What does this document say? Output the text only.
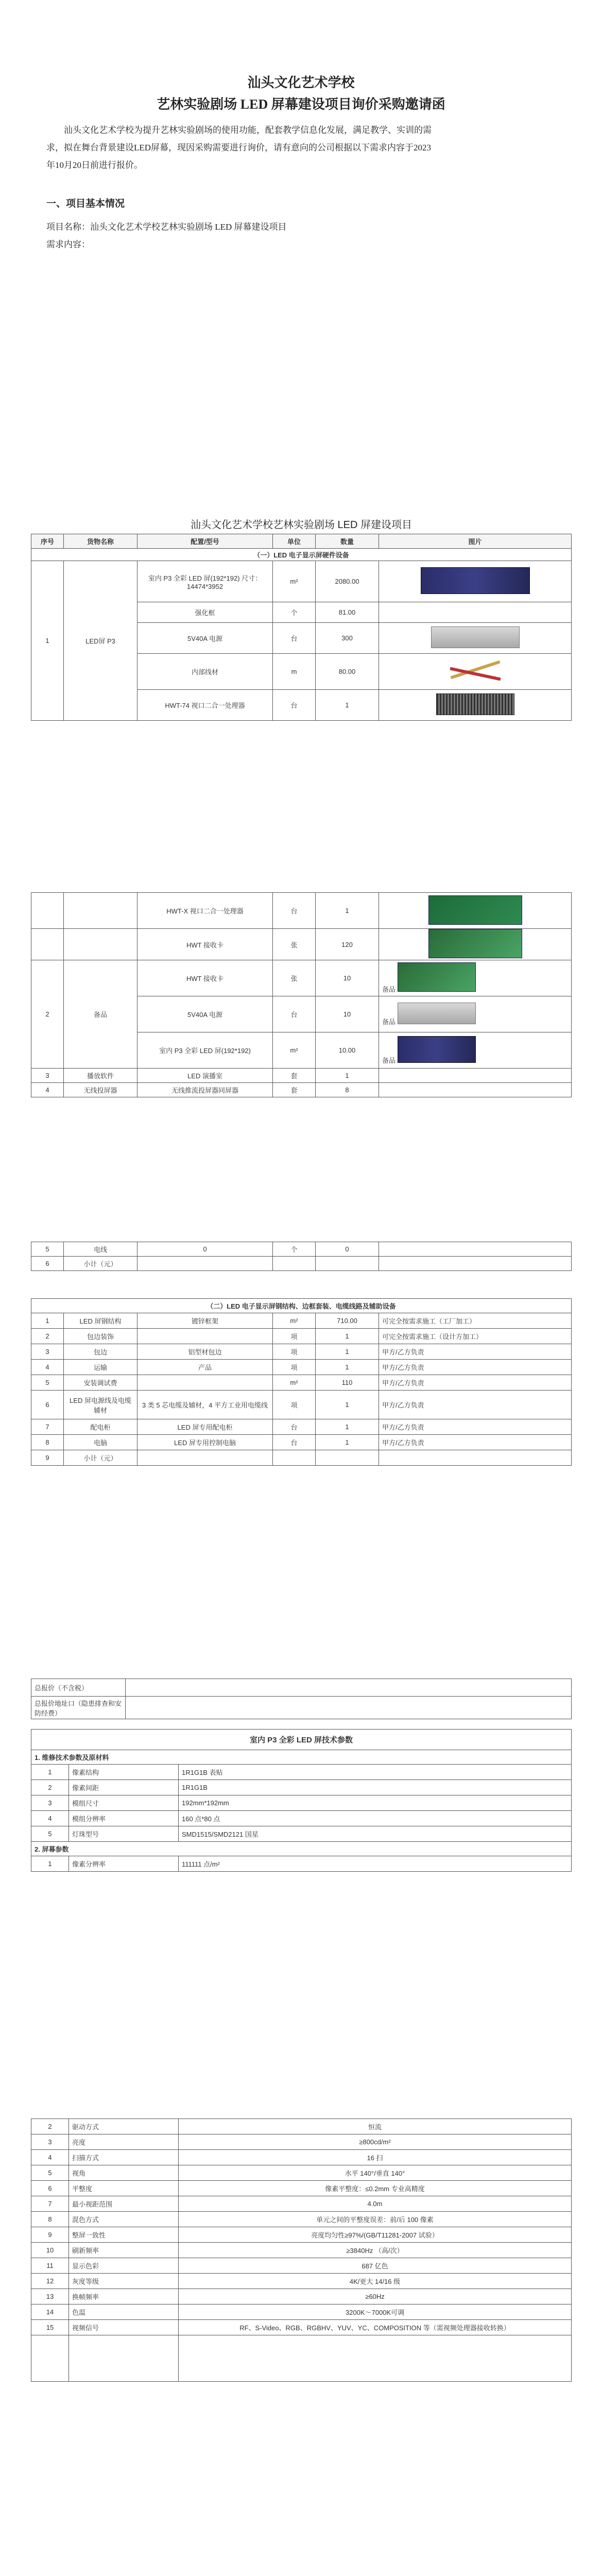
汕头文化艺术学校
艺林实验剧场 LED 屏幕建设项目询价采购邀请函
汕头文化艺术学校为提升艺林实验剧场的使用功能，配套教学信息化发展，满足教学、实训的需
求，拟在舞台背景建设LED屏幕，现因采购需要进行询价，请有意向的公司根据以下需求内容于2023
年10月20日前进行报价。
一、项目基本情况
项目名称：汕头文化艺术学校艺林实验剧场 LED 屏幕建设项目
需求内容：
汕头文化艺术学校艺林实验剧场 LED 屏建设项目
序号	货物名称	配置/型号	单位	数量	图片
（一）LED 电子显示屏硬件设备					
1	LED屏 P3	室内 P3 全彩 LED 屏(192*192) 尺寸：14474*3952	m²	2080.00	
		强化框	个	81.00	
		5V40A 电源	台	300	
		内部线材	m	80.00	
		HWT-74 视口二合一处理器	台	1	
		HWT-X 视口二合一处理器	台	1	
		HWT 接收卡	张	120	
2	备品	HWT 接收卡	张	10	备品
		5V40A 电源	台	10	备品
		室内 P3 全彩 LED 屏(192*192)	m²	10.00	备品
3	播放软件	LED 演播室	套	1	
4	无线投屏器	无线推流投屏器同屏器	套	8	
5	电线	0	个	0	
6	小计（元）				
（二）LED 电子显示屏钢结构、边框套装、电缆线路及辅助设备					
1	LED 屏钢结构	镀锌框架	m²	710.00	可完全按需求施工（工厂加工）
2	包边装饰		项	1	可完全按需求施工（设计方加工）
3	包边	铝型材包边	项	1	甲方/乙方负责
4	运输	产品	项	1	甲方/乙方负责
5	安装调试费		m²	110	甲方/乙方负责
6	LED 屏电源线及电缆辅材	3 类 5 芯电缆及辅材，4 平方工业用电缆线	项	1	甲方/乙方负责
7	配电柜	LED 屏专用配电柜	台	1	甲方/乙方负责
8	电脑	LED 屏专用控制电脑	台	1	甲方/乙方负责
9	小计（元）				
总报价（不含税）	
总报价地址口（隐患排查和安防经费）	
室内 P3 全彩 LED 屏技术参数		
1. 维修技术参数及原材料		
1	像素结构	1R1G1B 表贴
2	像素间距	1R1G1B
3	模组尺寸	192mm*192mm
4	模组分辨率	160 点*80 点
5	灯珠型号	SMD1515/SMD2121 国星
2. 屏幕参数		
1	像素分辨率	111111 点/m²
2	驱动方式	恒流
3	亮度	≥800cd/m²
4	扫描方式	16 扫
5	视角	水平 140°/垂直 140°
6	平整度	像素平整度：≤0.2mm 专业高精度
7	最小视距范围	4.0m
8	混色方式	单元之间的平整度误差：前/后 100 像素
9	整屏一致性	亮度均匀性≥97%/(GB/T11281-2007 试验）
10	刷新频率	≥3840Hz （高/次）
11	显示色彩	687 亿色
12	灰度等级	4K/更大 14/16 级
13	换帧频率	≥60Hz
14	色温	3200K～7000K可调
15	视频信号	RF、S-Video、RGB、RGBHV、YUV、YC、COMPOSITION 等（需视频处理器接收转换）
